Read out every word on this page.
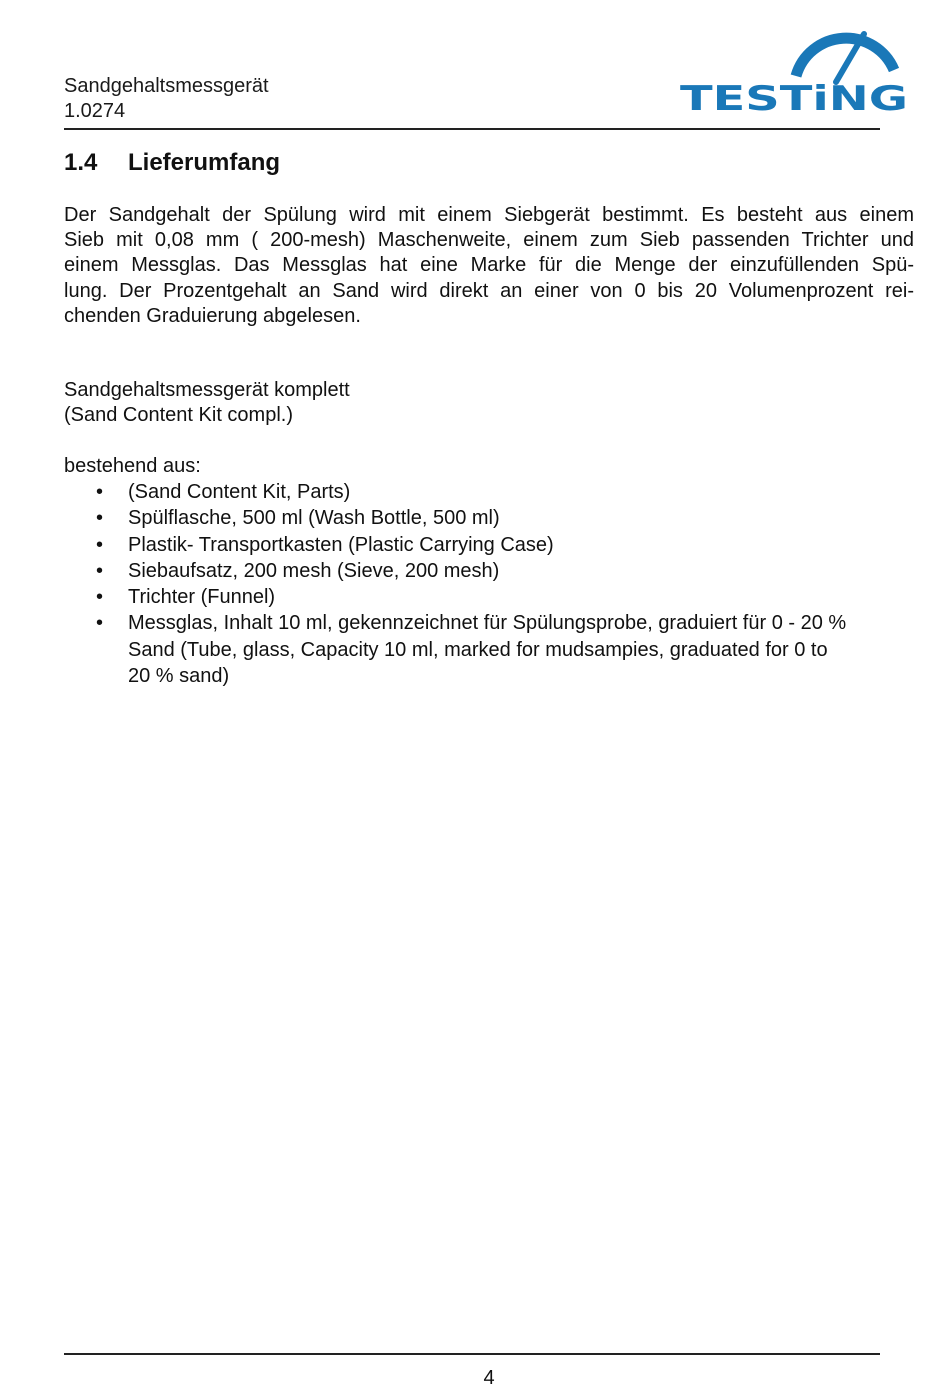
Sandgehaltsmessgerät
1.0274	TESTiNG
1.4 Lieferumfang

Der Sandgehalt der Spülung wird mit einem Siebgerät bestimmt. Es besteht aus einem
Sieb mit 0,08 mm ( 200-mesh) Maschenweite, einem zum Sieb passenden Trichter und
einem Messglas. Das Messglas hat eine Marke für die Menge der einzufüllenden Spü-
lung. Der Prozentgehalt an Sand wird direkt an einer von 0 bis 20 Volumenprozent rei-
chenden Graduierung abgelesen.

Sandgehaltsmessgerät komplett
(Sand Content Kit compl.)
bestehend aus:
• (Sand Content Kit, Parts)
• Spülflasche, 500 ml (Wash Bottle, 500 ml)
• Plastik- Transportkasten (Plastic Carrying Case)
• Siebaufsatz, 200 mesh (Sieve, 200 mesh)
• Trichter (Funnel)
• Messglas, Inhalt 10 ml, gekennzeichnet für Spülungsprobe, graduiert für 0 - 20 %
Sand (Tube, glass, Capacity 10 ml, marked for mudsampies, graduated for 0 to
20 % sand)
4
